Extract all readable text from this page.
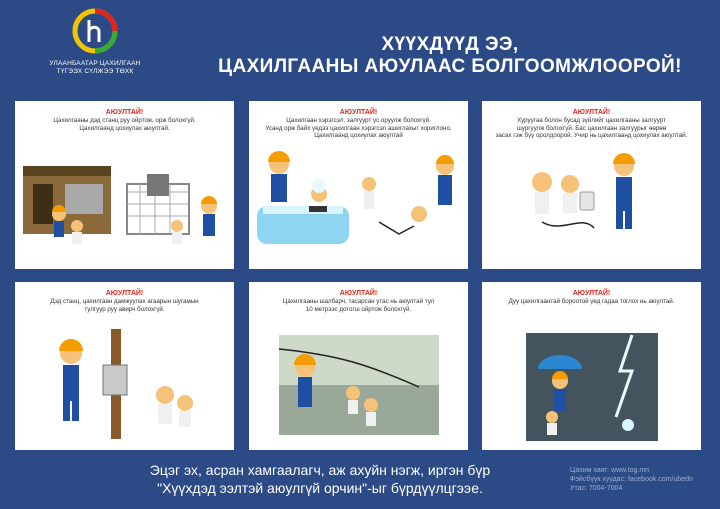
УЛААНБААТАР ЦАХИЛГААН
ТҮГЭЭХ СҮЛЖЭЭ ТӨХК
ХҮҮХДҮҮД ЭЭ,
ЦАХИЛГААНЫ АЮУЛААС БОЛГООМЖЛООРОЙ!
АЮУЛТАЙ!
Цахилгааны дэд станц руу ойртож, орж болохгүй.
Цахилгаанд цохиулах аюултай.
АЮУЛТАЙ!
Цахилгаан хэрэгсэл, залгуурт үс оруулж болохгүй.
Усанд орж байх үедээ цахилгаан хэрэгсэл ашиглахыг хориглоно.
Цахилгаанд цохиулах аюултай
АЮУЛТАЙ!
Хуруугаа болон бусад зүйлийг цахилгааны залгуурт
шургуулж болохгүй. Бас цахилгаан залгуурыг өөрөө
засах гэж бүү оролдоорой. Учир нь цахилгаанд цохиулах аюултай.
АЮУЛТАЙ!
Дэд станц, цахилгаан дамжуулах агаарын шугамын
тулгуур руу авирч болохгүй.
АЮУЛТАЙ!
Цахилгааны шалбарч, тасарсан утас нь аюултай тул
10 метрээс дотогш ойртож болохгүй.
АЮУЛТАЙ!
Дуу цахилгаантай бороотой үед гадаа тоглох нь аюултай.
Эцэг эх, асран хамгаалагч, аж ахуйн нэгж, иргэн бүр
"Хүүхдэд ээлтэй аюулгүй орчин"-ыг бүрдүүлцгээе.
Цахим хаяг: www.tog.mn
Фэйсбүүк хуудас: facebook.com/ubedn
Утас: 7004-7004
